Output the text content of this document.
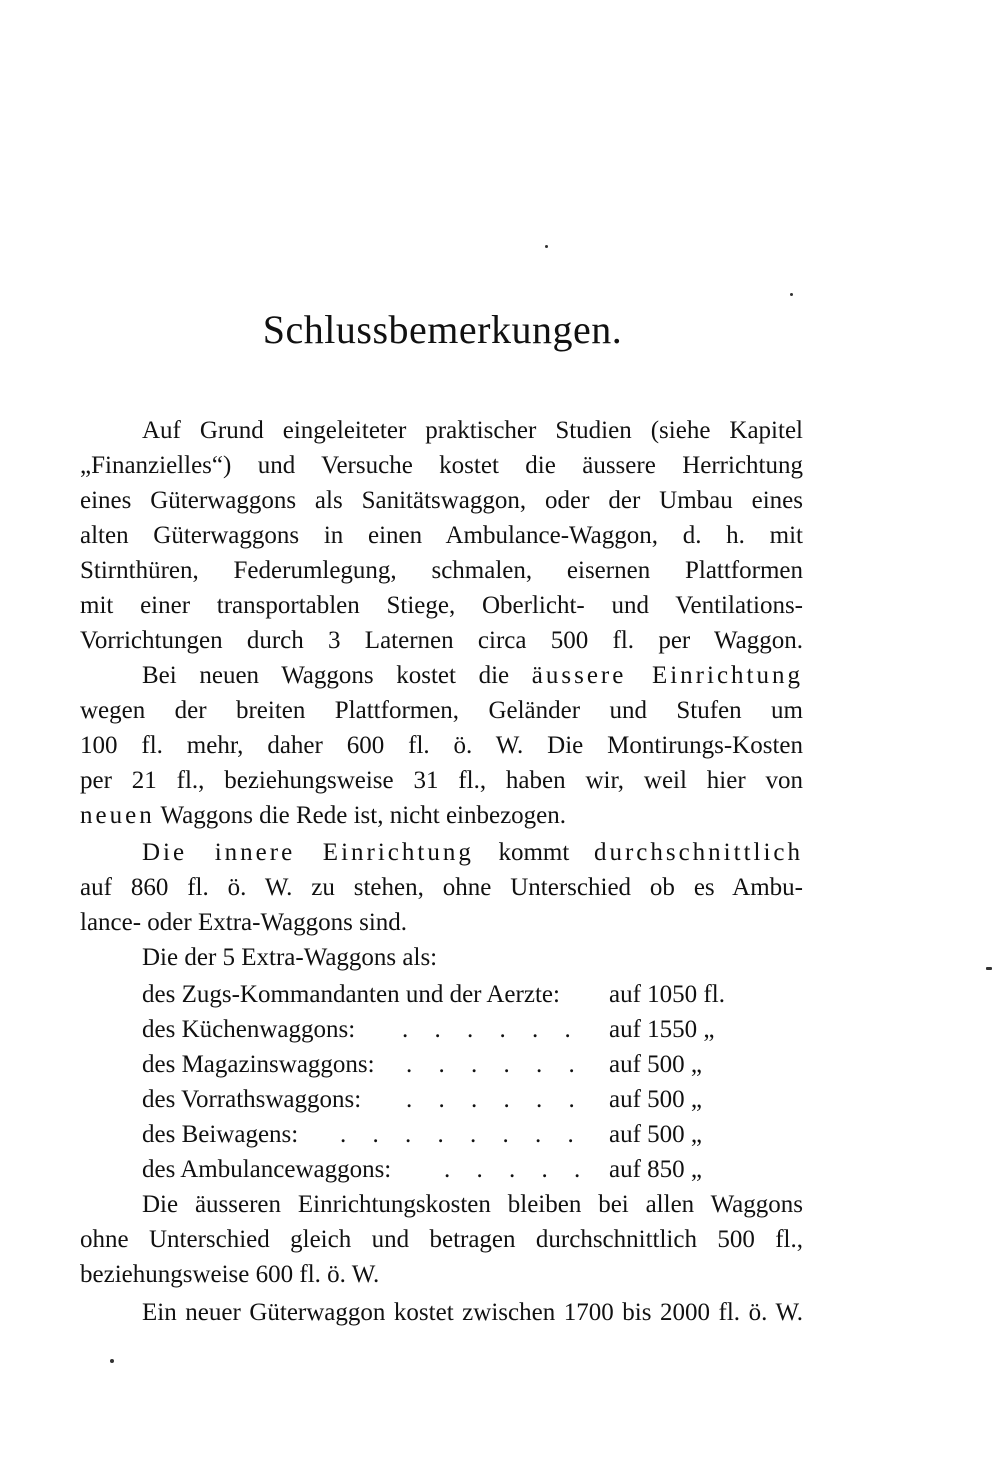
Schlussbemerkungen.
Auf Grund eingeleiteter praktischer Studien (siehe Kapitel
„Finanzielles“) und Versuche kostet die äussere Herrichtung
eines Güterwaggons als Sanitätswaggon, oder der Umbau eines
alten Güterwaggons in einen Ambulance-Waggon, d. h. mit
Stirnthüren, Federumlegung, schmalen, eisernen Plattformen
mit einer transportablen Stiege, Oberlicht- und Ventilations-
Vorrichtungen durch 3 Laternen circa 500 fl. per Waggon.
Bei neuen Waggons kostet die äussere Einrichtung
wegen der breiten Plattformen, Geländer und Stufen um
100 fl. mehr, daher 600 fl. ö. W. Die Montirungs-Kosten
per 21 fl., beziehungsweise 31 fl., haben wir, weil hier von
neuen Waggons die Rede ist, nicht einbezogen.
Die innere Einrichtung kommt durchschnittlich
auf 860 fl. ö. W. zu stehen, ohne Unterschied ob es Ambu-
lance- oder Extra-Waggons sind.
Die der 5 Extra-Waggons als:
des Zugs-Kommandanten und der Aerzte: auf 1050 fl.
des Küchenwaggons: . . . . . . auf 1550 „
des Magazinswaggons: . . . . . . auf 500 „
des Vorrathswaggons: . . . . . . auf 500 „
des Beiwagens: . . . . . . . . auf 500 „
des Ambulancewaggons: . . . . . auf 850 „
Die äusseren Einrichtungskosten bleiben bei allen Waggons
ohne Unterschied gleich und betragen durchschnittlich 500 fl.,
beziehungsweise 600 fl. ö. W.
Ein neuer Güterwaggon kostet zwischen 1700 bis 2000 fl. ö. W.
